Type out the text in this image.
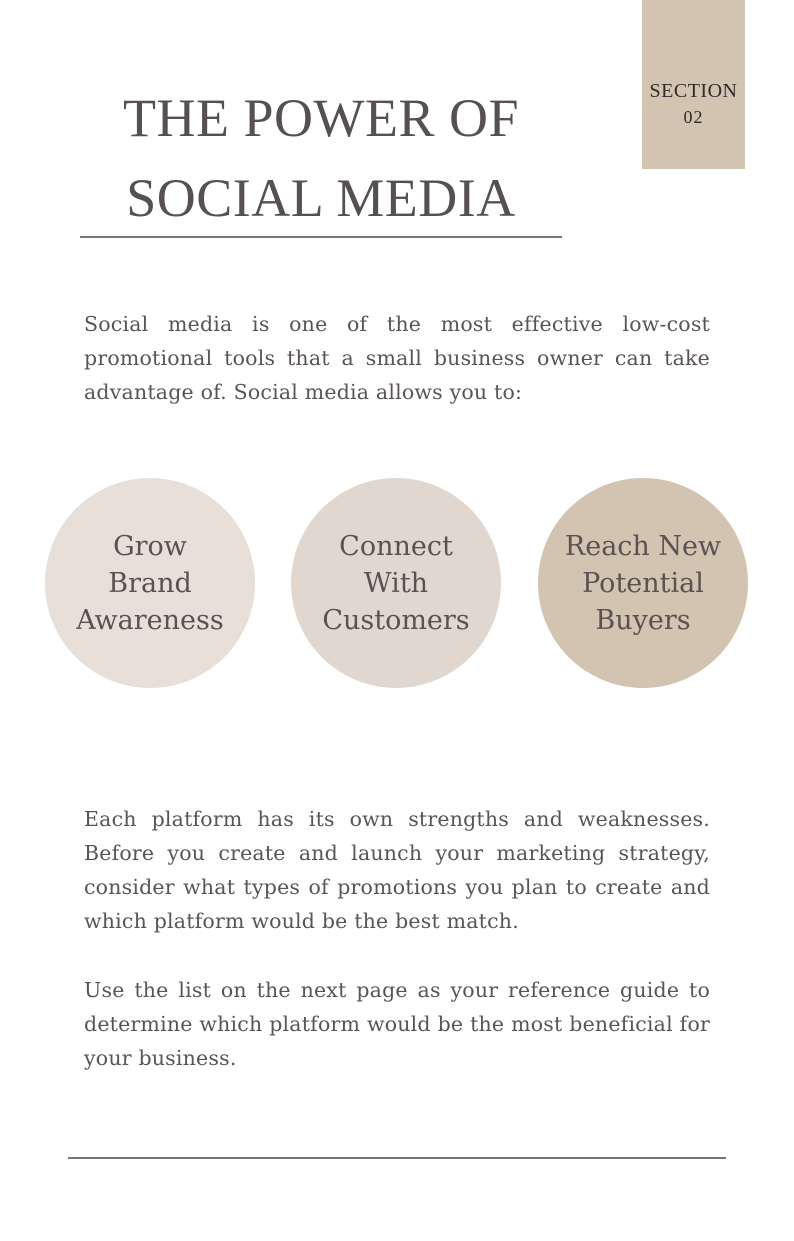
SECTION
02
THE POWER OF
SOCIAL MEDIA

Social media is one of the most effective low-cost promotional tools that a small business owner can take advantage of. Social media allows you to:

Grow
Brand
Awareness
Connect
With
Customers
Reach New
Potential
Buyers

Each platform has its own strengths and weaknesses. Before you create and launch your marketing strategy, consider what types of promotions you plan to create and which platform would be the best match.

Use the list on the next page as your reference guide to determine which platform would be the most beneficial for your business.
